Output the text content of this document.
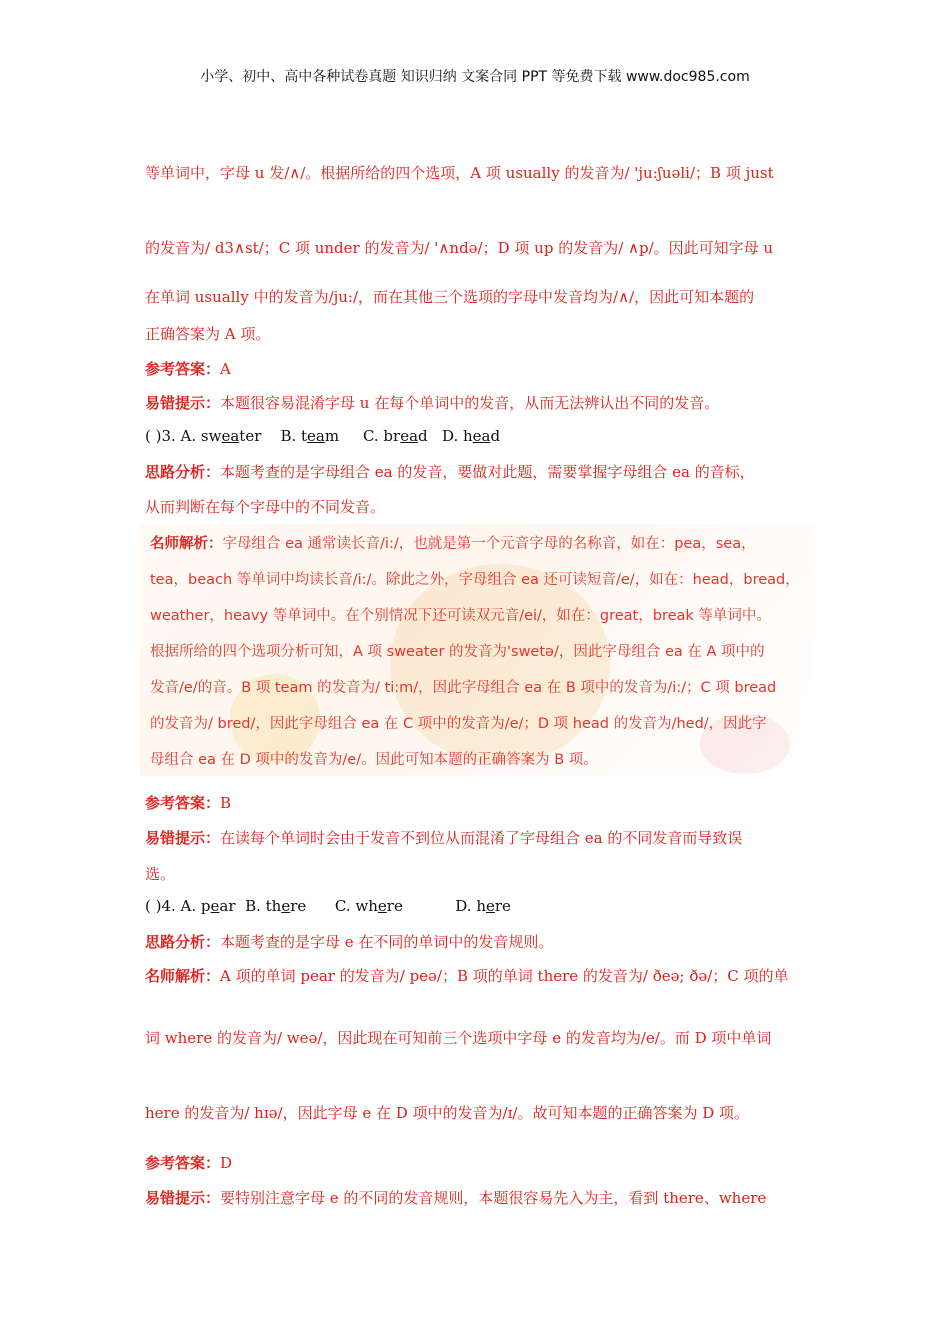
小学、初中、高中各种试卷真题 知识归纳 文案合同 PPT 等免费下载 www.doc985.com
等单词中，字母 u 发/∧/。根据所给的四个选项，A 项 usually 的发音为/ 'ju:ʃuəli/；B 项 just
的发音为/ d3∧st/；C 项 under 的发音为/ '∧ndə/；D 项 up 的发音为/ ∧p/。因此可知字母 u
在单词 usually 中的发音为/ju:/，而在其他三个选项的字母中发音均为/∧/，因此可知本题的
正确答案为 A 项。
参考答案：A
易错提示：本题很容易混淆字母 u 在每个单词中的发音，从而无法辨认出不同的发音。
( )3. A. sweater B. team C. bread D. head
思路分析：本题考查的是字母组合 ea 的发音，要做对此题，需要掌握字母组合 ea 的音标，
从而判断在每个字母中的不同发音。
名师解析：字母组合 ea 通常读长音/i:/，也就是第一个元音字母的名称音，如在：pea，sea，
tea，beach 等单词中均读长音/i:/。除此之外，字母组合 ea 还可读短音/e/，如在：head，bread，
weather，heavy 等单词中。在个别情况下还可读双元音/ei/，如在：great，break 等单词中。
根据所给的四个选项分析可知，A 项 sweater 的发音为'swetə/，因此字母组合 ea 在 A 项中的
发音/e/的音。B 项 team 的发音为/ ti:m/，因此字母组合 ea 在 B 项中的发音为/i:/；C 项 bread
的发音为/ bred/，因此字母组合 ea 在 C 项中的发音为/e/；D 项 head 的发音为/hed/，因此字
母组合 ea 在 D 项中的发音为/e/。因此可知本题的正确答案为 B 项。
参考答案：B
易错提示：在读每个单词时会由于发音不到位从而混淆了字母组合 ea 的不同发音而导致误
选。
( )4. A. pear B. there C. where	D. here
思路分析：本题考查的是字母 e 在不同的单词中的发音规则。
名师解析：A 项的单词 pear 的发音为/ peə/；B 项的单词 there 的发音为/ ðeə; ðə/；C 项的单
词 where 的发音为/ weə/，因此现在可知前三个选项中字母 e 的发音均为/e/。而 D 项中单词
here 的发音为/ hɪə/，因此字母 e 在 D 项中的发音为/ɪ/。故可知本题的正确答案为 D 项。
参考答案：D
易错提示：要特别注意字母 e 的不同的发音规则，本题很容易先入为主，看到 there、where
